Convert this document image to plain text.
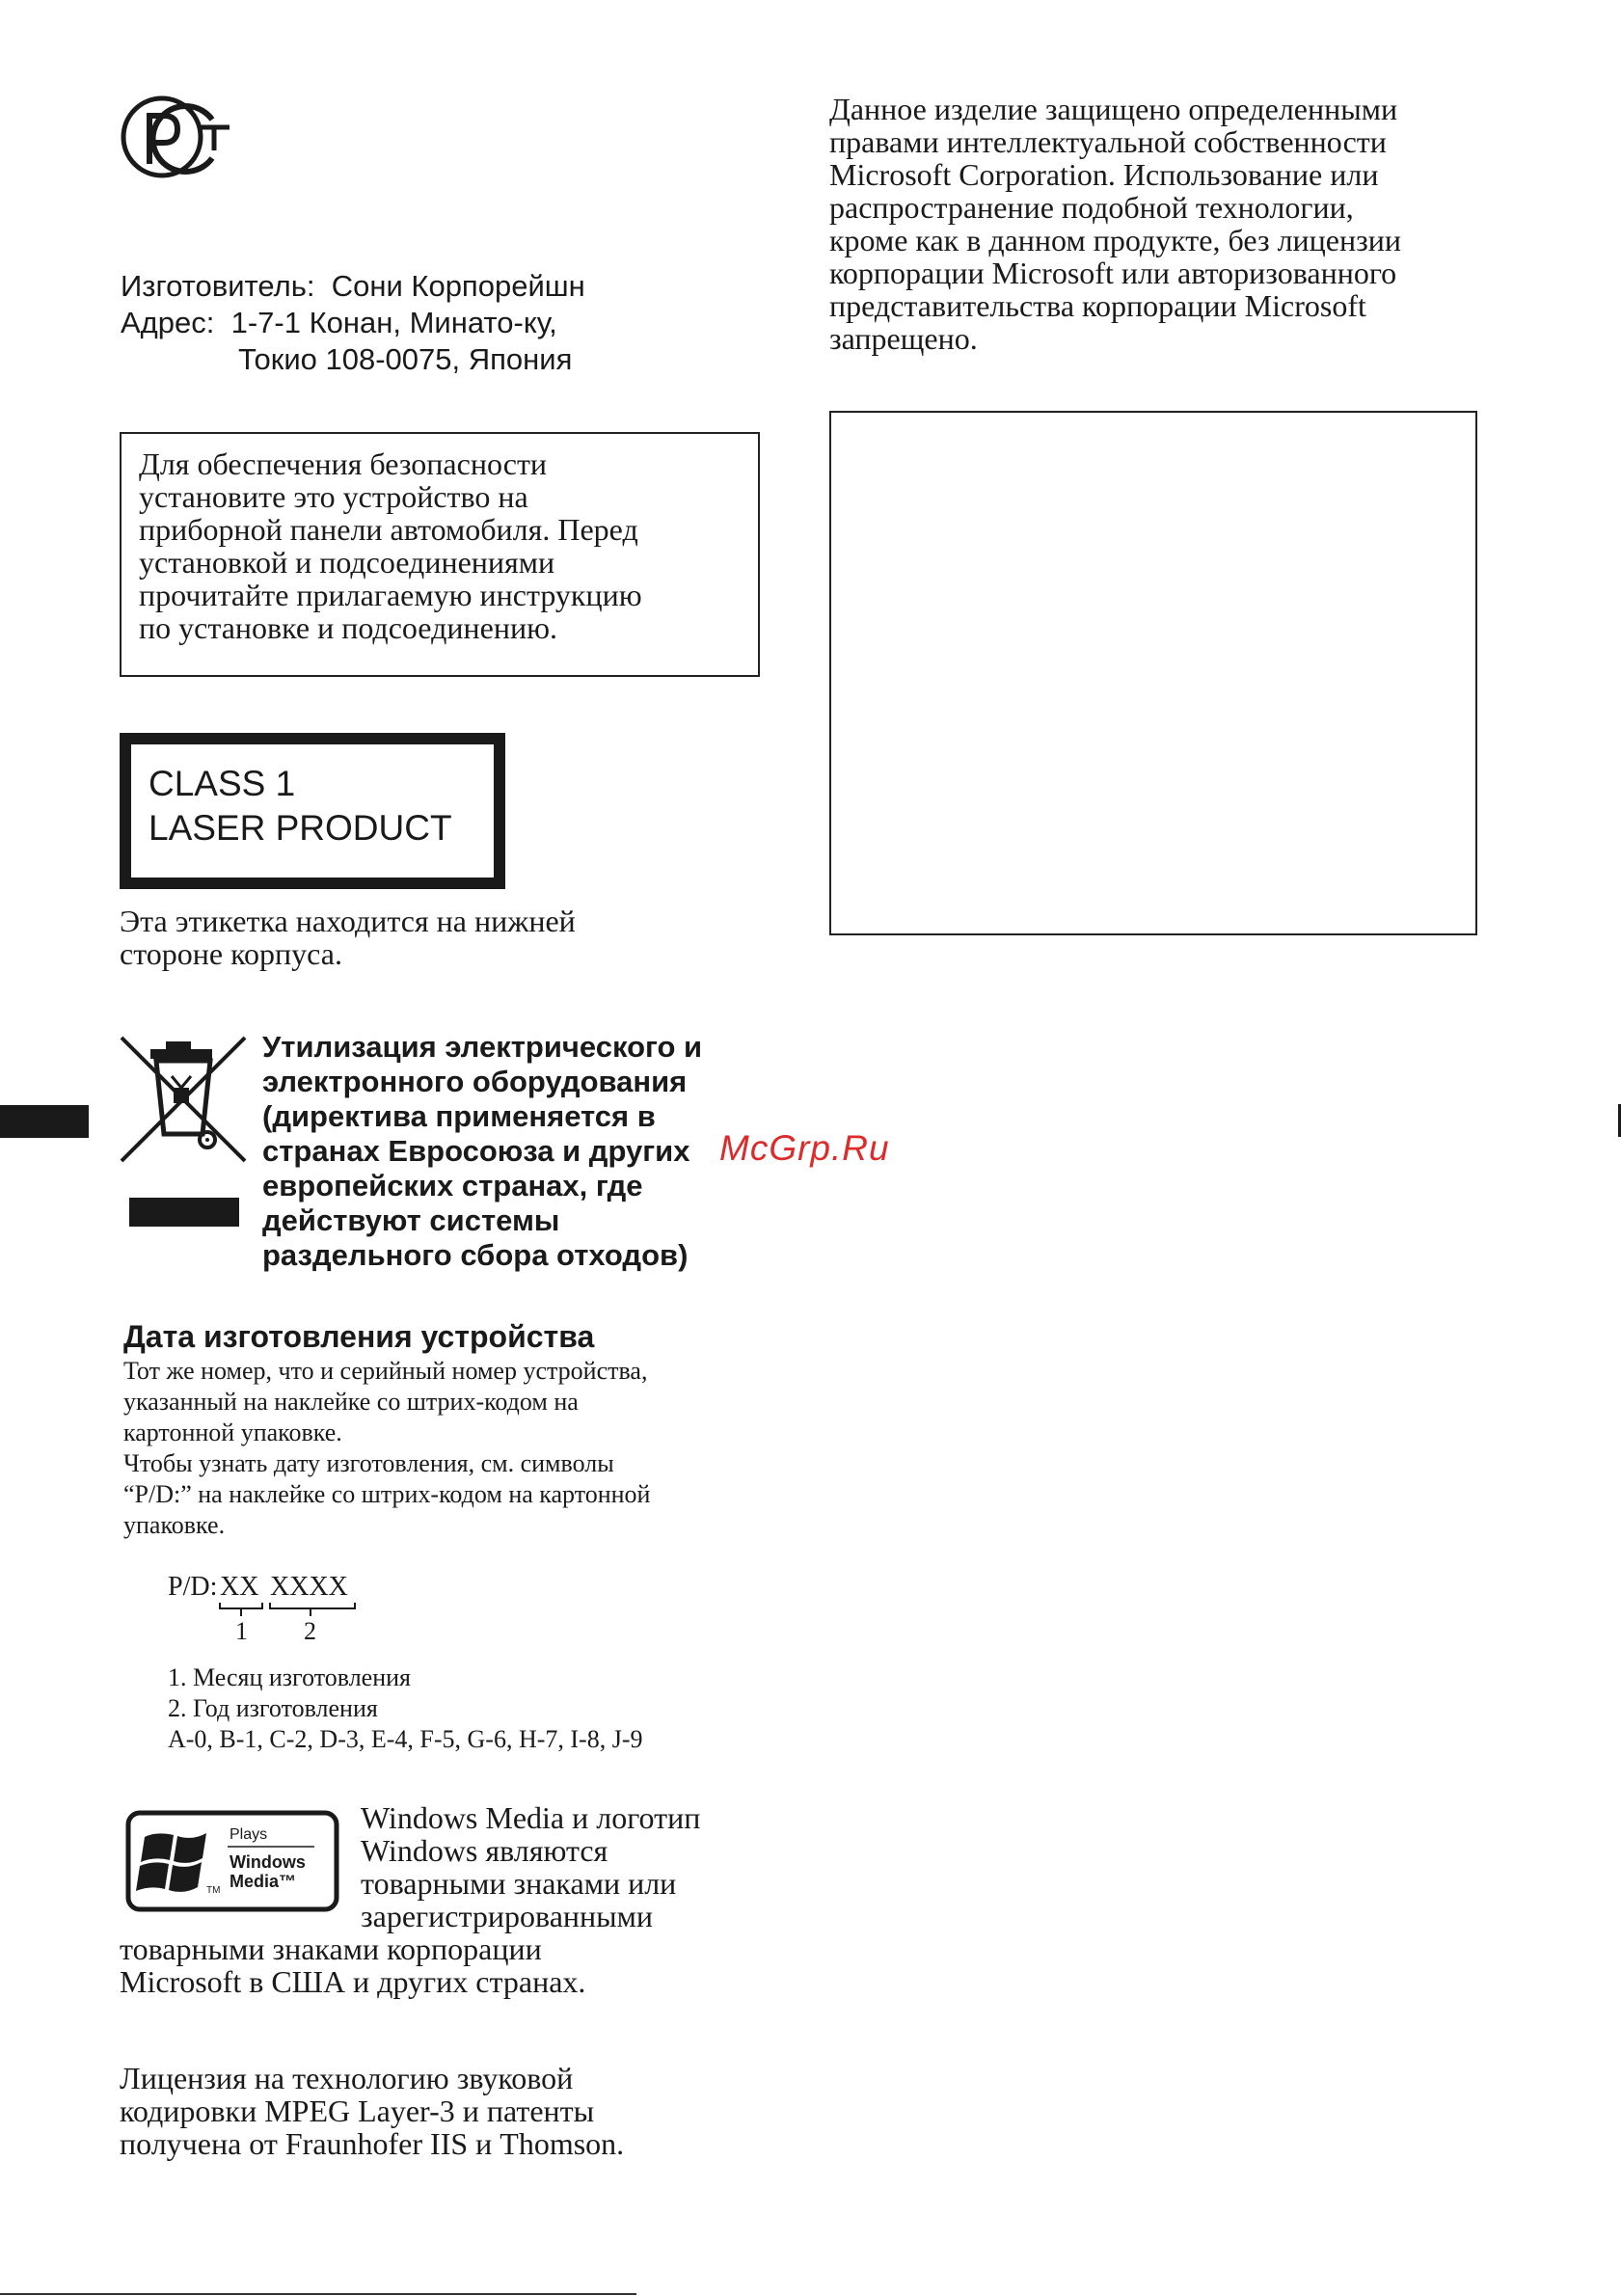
Изготовитель: Сони Корпорейшн
Адрес: 1-7-1 Конан, Минато-ку,
Токио 108-0075, Япония
Для обеспечения безопасности
установите это устройство на
приборной панели автомобиля. Перед
установкой и подсоединениями
прочитайте прилагаемую инструкцию
по установке и подсоединению.
CLASS 1
LASER PRODUCT
Эта этикетка находится на нижней
стороне корпуса.
Утилизация электрического и
электронного оборудования
(директива применяется в
странах Евросоюза и других
европейских странах, где
действуют системы
раздельного сбора отходов)
McGrp.Ru
Дата изготовления устройства
Тот же номер, что и серийный номер устройства,
указанный на наклейке со штрих-кодом на
картонной упаковке.
Чтобы узнать дату изготовления, см. символы
“P/D:” на наклейке со штрих-кодом на картонной
упаковке.
P/D: XX XXXX
1 2
1. Месяц изготовления
2. Год изготовления
A-0, B-1, C-2, D-3, E-4, F-5, G-6, H-7, I-8, J-9
Plays
Windows
Media™
TM
Windows Media и логотип
Windows являются
товарными знаками или
зарегистрированными
товарными знаками корпорации
Microsoft в США и других странах.
Лицензия на технологию звуковой
кодировки MPEG Layer-3 и патенты
получена от Fraunhofer IIS и Thomson.
Данное изделие защищено определенными
правами интеллектуальной собственности
Microsoft Corporation. Использование или
распространение подобной технологии,
кроме как в данном продукте, без лицензии
корпорации Microsoft или авторизованного
представительства корпорации Microsoft
запрещено.
